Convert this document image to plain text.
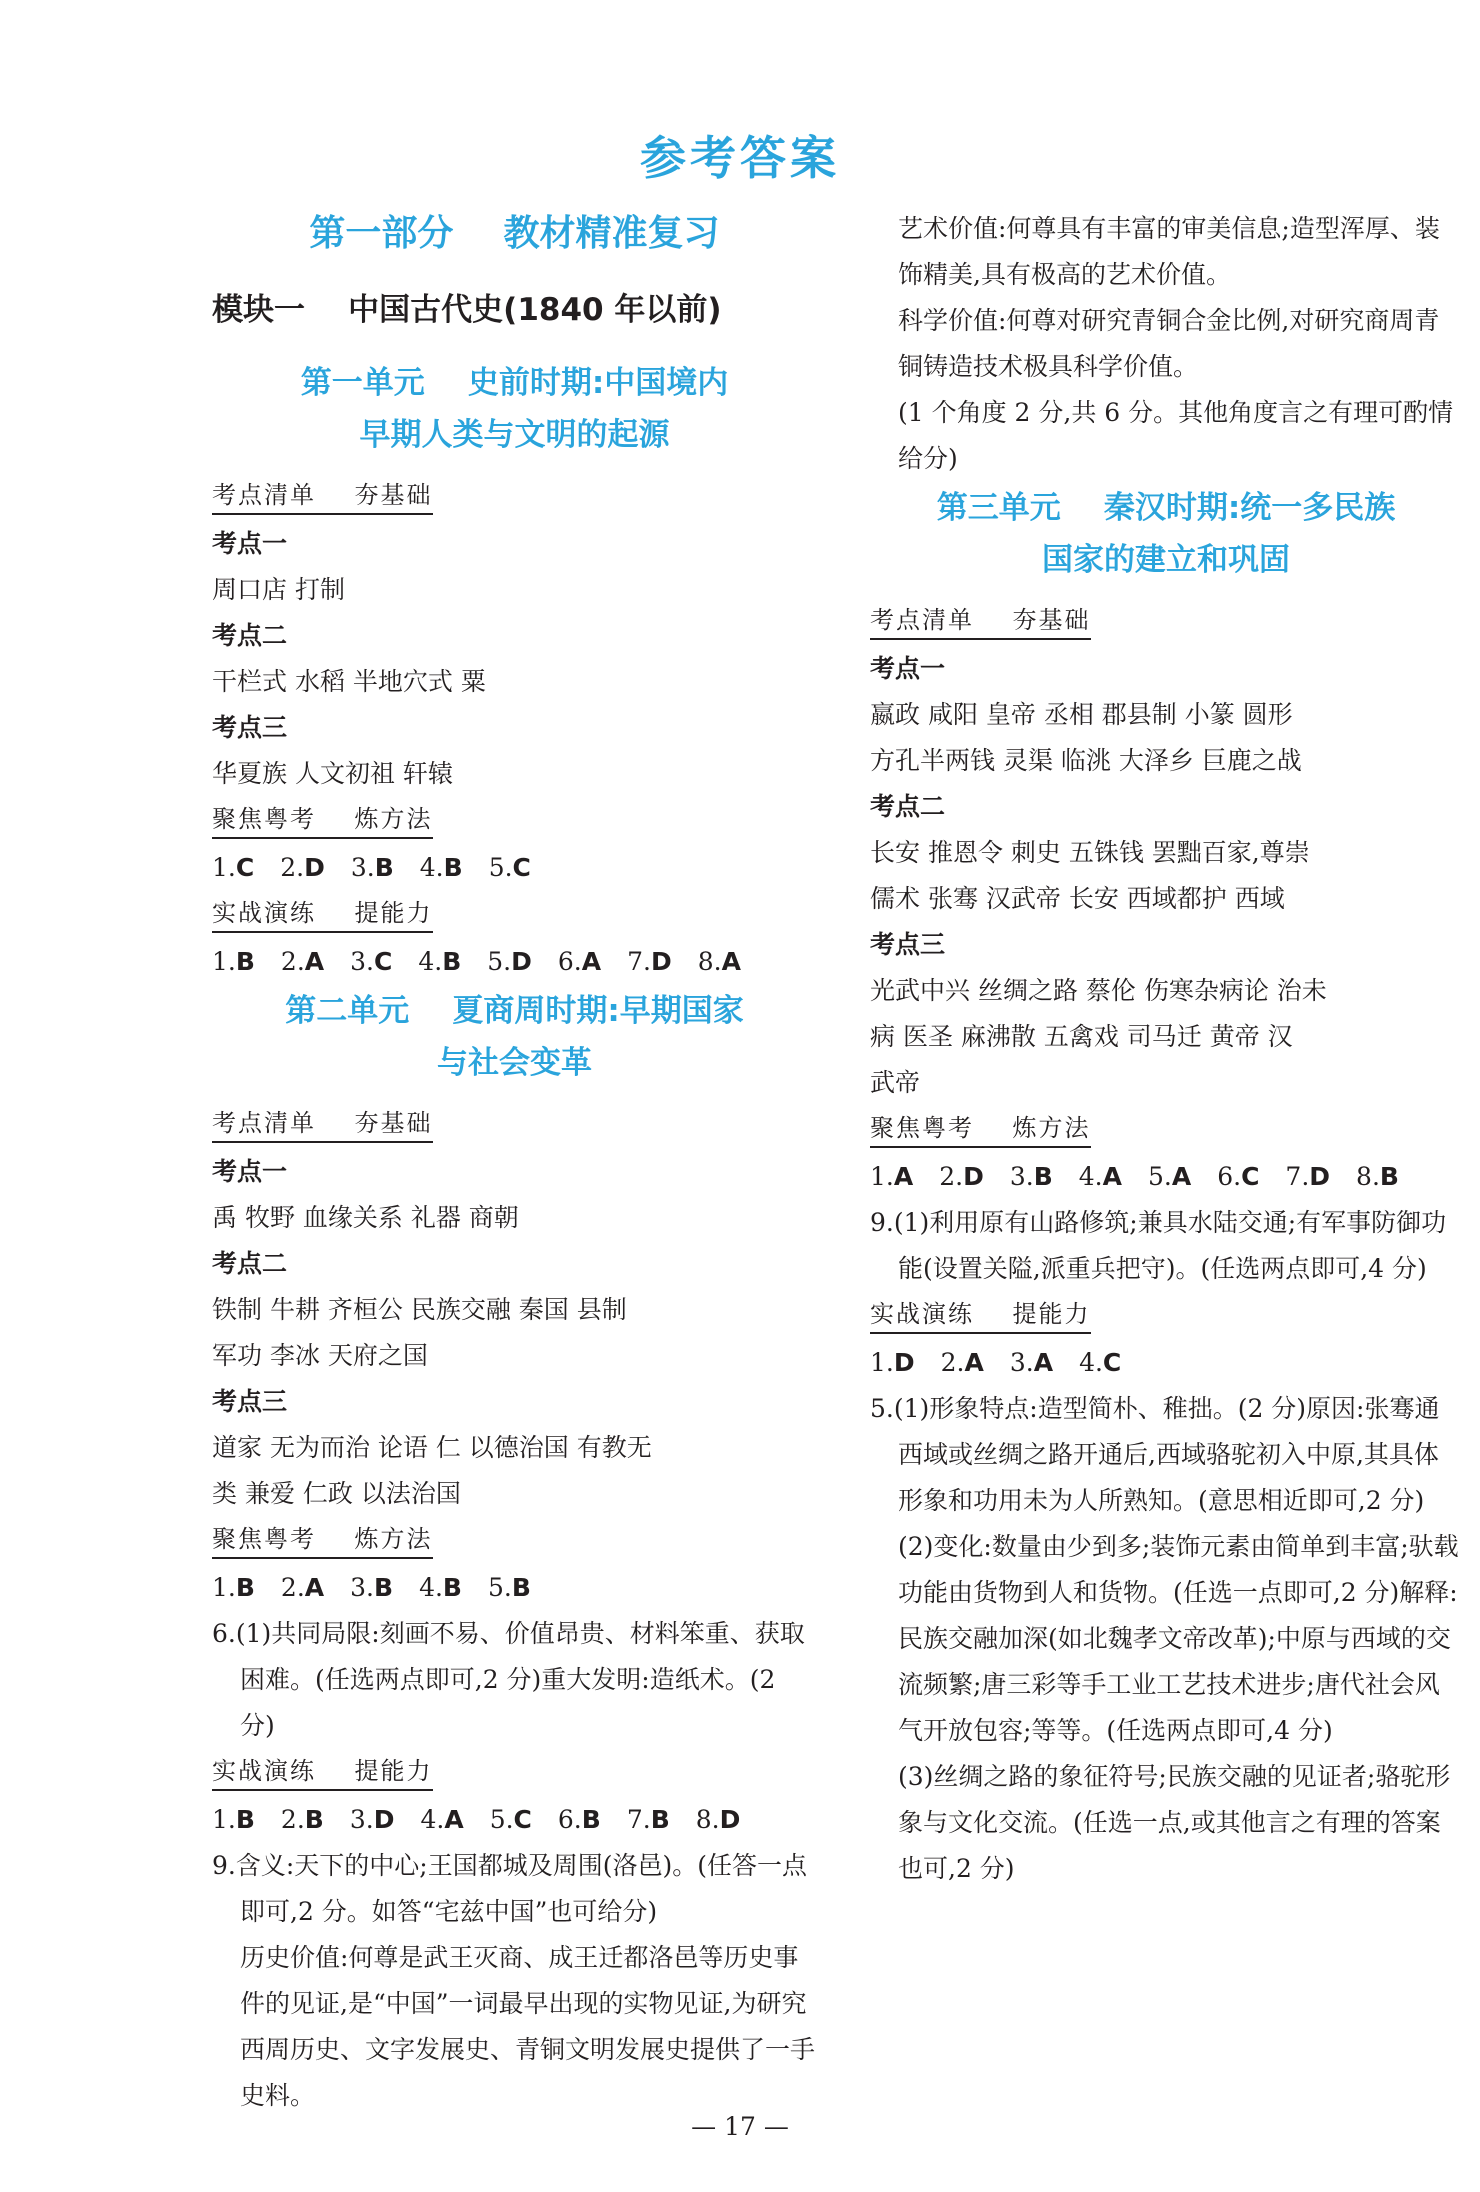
参考答案
第一部分    教材精准复习
模块一    中国古代史(1840 年以前)
第一单元    史前时期:中国境内
早期人类与文明的起源
考点清单    夯基础
考点一
周口店 打制
考点二
干栏式 水稻 半地穴式 粟
考点三
华夏族 人文初祖 轩辕
聚焦粤考    炼方法
1.C 2.D 3.B 4.B 5.C
实战演练    提能力
1.B 2.A 3.C 4.B 5.D 6.A 7.D 8.A
第二单元    夏商周时期:早期国家
与社会变革
考点清单    夯基础
考点一
禹 牧野 血缘关系 礼器 商朝
考点二
铁制 牛耕 齐桓公 民族交融 秦国 县制
军功 李冰 天府之国
考点三
道家 无为而治 论语 仁 以德治国 有教无
类 兼爱 仁政 以法治国
聚焦粤考    炼方法
1.B 2.A 3.B 4.B 5.B
6.(1)共同局限:刻画不易、价值昂贵、材料笨重、获取困难。(任选两点即可,2 分)重大发明:造纸术。(2 分)
实战演练    提能力
1.B 2.B 3.D 4.A 5.C 6.B 7.B 8.D
9.含义:天下的中心;王国都城及周围(洛邑)。(任答一点即可,2 分。如答“宅兹中国”也可给分)
历史价值:何尊是武王灭商、成王迁都洛邑等历史事件的见证,是“中国”一词最早出现的实物见证,为研究西周历史、文字发展史、青铜文明发展史提供了一手史料。
艺术价值:何尊具有丰富的审美信息;造型浑厚、装饰精美,具有极高的艺术价值。
科学价值:何尊对研究青铜合金比例,对研究商周青铜铸造技术极具科学价值。
(1 个角度 2 分,共 6 分。其他角度言之有理可酌情给分)
第三单元    秦汉时期:统一多民族
国家的建立和巩固
考点清单    夯基础
考点一
嬴政 咸阳 皇帝 丞相 郡县制 小篆 圆形
方孔半两钱 灵渠 临洮 大泽乡 巨鹿之战
考点二
长安 推恩令 刺史 五铢钱 罢黜百家,尊崇
儒术 张骞 汉武帝 长安 西域都护 西域
考点三
光武中兴 丝绸之路 蔡伦 伤寒杂病论 治未
病 医圣 麻沸散 五禽戏 司马迁 黄帝 汉
武帝
聚焦粤考    炼方法
1.A 2.D 3.B 4.A 5.A 6.C 7.D 8.B
9.(1)利用原有山路修筑;兼具水陆交通;有军事防御功能(设置关隘,派重兵把守)。(任选两点即可,4 分)
实战演练    提能力
1.D 2.A 3.A 4.C
5.(1)形象特点:造型简朴、稚拙。(2 分)原因:张骞通西域或丝绸之路开通后,西域骆驼初入中原,其具体形象和功用未为人所熟知。(意思相近即可,2 分)
(2)变化:数量由少到多;装饰元素由简单到丰富;驮载功能由货物到人和货物。(任选一点即可,2 分)解释:民族交融加深(如北魏孝文帝改革);中原与西域的交流频繁;唐三彩等手工业工艺技术进步;唐代社会风气开放包容;等等。(任选两点即可,4 分)
(3)丝绸之路的象征符号;民族交融的见证者;骆驼形象与文化交流。(任选一点,或其他言之有理的答案也可,2 分)
— 17 —
